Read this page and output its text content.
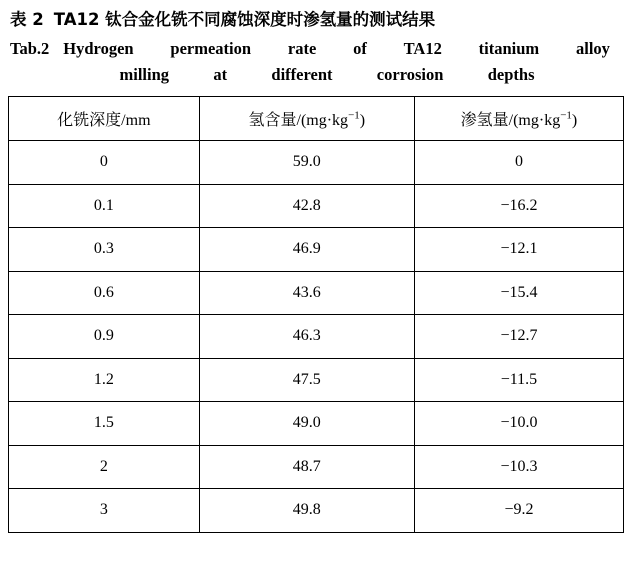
表 2 TA12 钛合金化铣不同腐蚀深度时渗氢量的测试结果
Tab.2 Hydrogen permeation rate of TA12 titanium alloy
milling	at	different	corrosion	depths
化铣深度/mm	氢含量$/(mg\cdot kg^{-1})$	渗氢量$/(mg\cdot kg^{-1})$
0	59.0	0
0.1	42.8	−16.2
0.3	46.9	−12.1
0.6	43.6	−15.4
0.9	46.3	−12.7
1.2	47.5	−11.5
1.5	49.0	−10.0
2	48.7	−10.3
3	49.8	−9.2
